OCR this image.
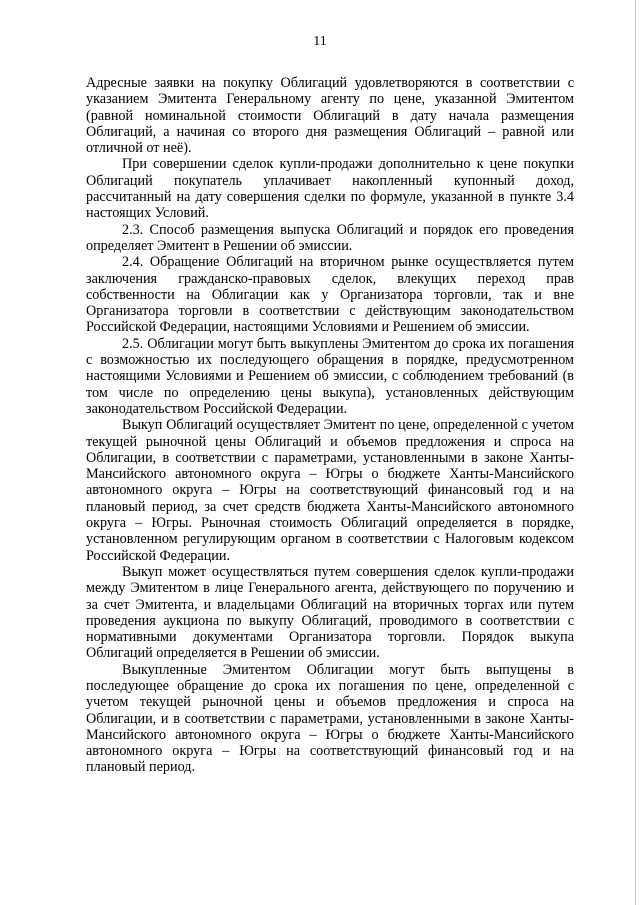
11

Адресные заявки на покупку Облигаций удовлетворяются в соответствии с указанием Эмитента Генеральному агенту по цене, указанной Эмитентом (равной номинальной стоимости Облигаций в дату начала размещения Облигаций, а начиная со второго дня размещения Облигаций – равной или отличной от неё).

При совершении сделок купли-продажи дополнительно к цене покупки Облигаций покупатель уплачивает накопленный купонный доход, рассчитанный на дату совершения сделки по формуле, указанной в пункте 3.4 настоящих Условий.

2.3. Способ размещения выпуска Облигаций и порядок его проведения определяет Эмитент в Решении об эмиссии.

2.4. Обращение Облигаций на вторичном рынке осуществляется путем заключения гражданско-правовых сделок, влекущих переход прав собственности на Облигации как у Организатора торговли, так и вне Организатора торговли в соответствии с действующим законодательством Российской Федерации, настоящими Условиями и Решением об эмиссии.

2.5. Облигации могут быть выкуплены Эмитентом до срока их погашения с возможностью их последующего обращения в порядке, предусмотренном настоящими Условиями и Решением об эмиссии, с соблюдением требований (в том числе по определению цены выкупа), установленных действующим законодательством Российской Федерации.

Выкуп Облигаций осуществляет Эмитент по цене, определенной с учетом текущей рыночной цены Облигаций и объемов предложения и спроса на Облигации, в соответствии с параметрами, установленными в законе Ханты-Мансийского автономного округа – Югры о бюджете Ханты-Мансийского автономного округа – Югры на соответствующий финансовый год и на плановый период, за счет средств бюджета Ханты-Мансийского автономного округа – Югры. Рыночная стоимость Облигаций определяется в порядке, установленном регулирующим органом в соответствии с Налоговым кодексом Российской Федерации.

Выкуп может осуществляться путем совершения сделок купли-продажи между Эмитентом в лице Генерального агента, действующего по поручению и за счет Эмитента, и владельцами Облигаций на вторичных торгах или путем проведения аукциона по выкупу Облигаций, проводимого в соответствии с нормативными документами Организатора торговли. Порядок выкупа Облигаций определяется в Решении об эмиссии.

Выкупленные Эмитентом Облигации могут быть выпущены в последующее обращение до срока их погашения по цене, определенной с учетом текущей рыночной цены и объемов предложения и спроса на Облигации, и в соответствии с параметрами, установленными в законе Ханты-Мансийского автономного округа – Югры о бюджете Ханты-Мансийского автономного округа – Югры на соответствующий финансовый год и на плановый период.
